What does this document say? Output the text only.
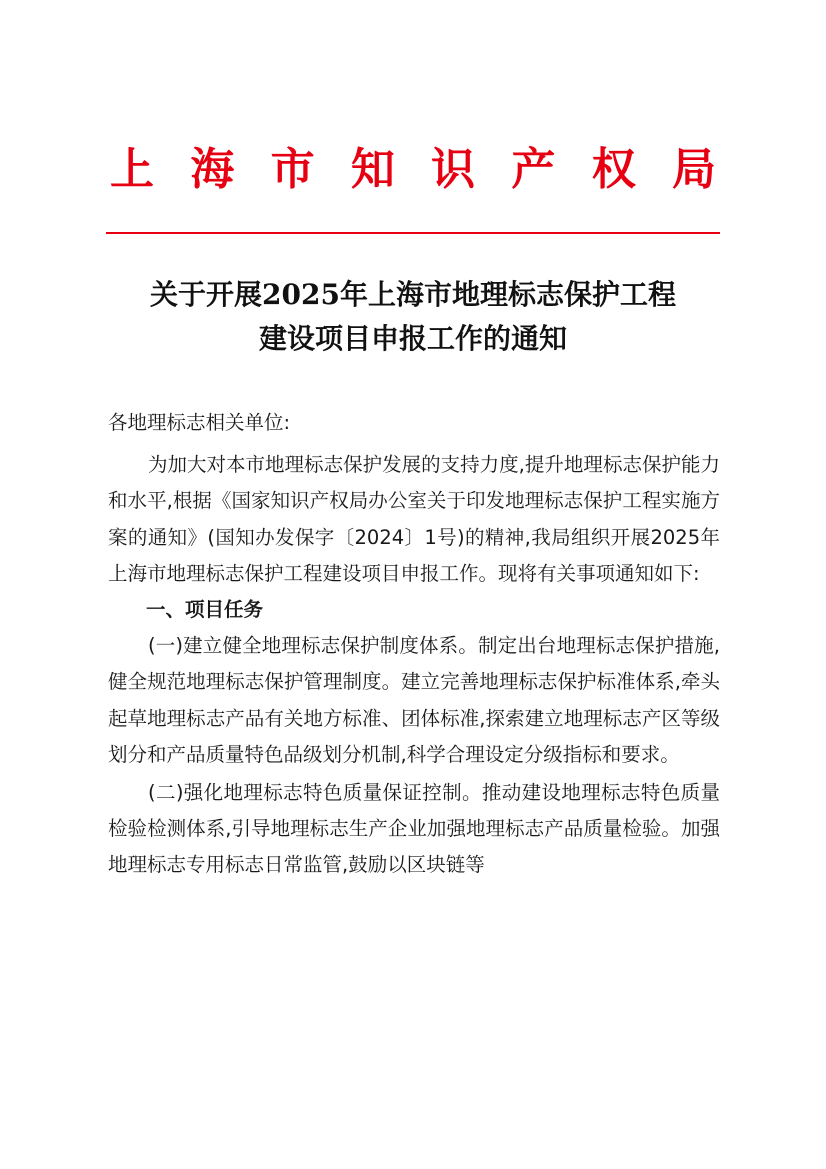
上 海 市 知 识 产 权 局
关于开展2025年上海市地理标志保护工程
建设项目申报工作的通知

各地理标志相关单位:

为加大对本市地理标志保护发展的支持力度,提升地理标志保护能力和水平,根据《国家知识产权局办公室关于印发地理标志保护工程实施方案的通知》(国知办发保字〔2024〕1号)的精神,我局组织开展2025年上海市地理标志保护工程建设项目申报工作。现将有关事项通知如下:

一、项目任务

(一)建立健全地理标志保护制度体系。制定出台地理标志保护措施,健全规范地理标志保护管理制度。建立完善地理标志保护标准体系,牵头起草地理标志产品有关地方标准、团体标准,探索建立地理标志产区等级划分和产品质量特色品级划分机制,科学合理设定分级指标和要求。

(二)强化地理标志特色质量保证控制。推动建设地理标志特色质量检验检测体系,引导地理标志生产企业加强地理标志产品质量检验。加强地理标志专用标志日常监管,鼓励以区块链等
